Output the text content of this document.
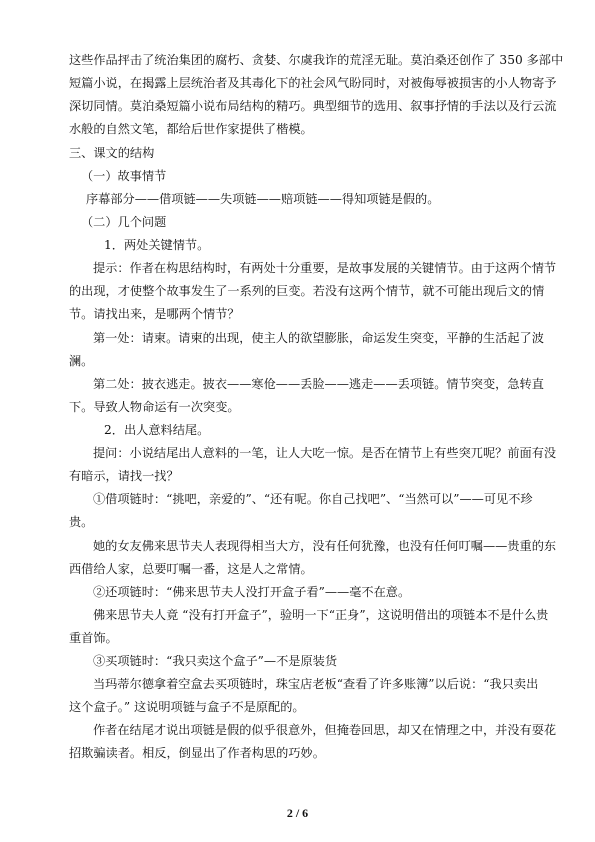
这些作品抨击了统治集团的腐朽、贪婪、尔虞我诈的荒淫无耻。莫泊桑还创作了 350 多部中
短篇小说，在揭露上层统治者及其毒化下的社会风气盼同时，对被侮辱被损害的小人物寄予
深切同情。莫泊桑短篇小说布局结构的精巧。典型细节的选用、叙事抒情的手法以及行云流
水般的自然文笔，都给后世作家提供了楷模。
三、课文的结构
（一）故事情节
序幕部分——借项链——失项链——赔项链——得知项链是假的。
（二）几个问题
1．两处关键情节。
提示：作者在构思结构时，有两处十分重要，是故事发展的关键情节。由于这两个情节
的出现，才使整个故事发生了一系列的巨变。若没有这两个情节，就不可能出现后文的情
节。请找出来，是哪两个情节？
第一处：请柬。请柬的出现，使主人的欲望膨胀，命运发生突变，平静的生活起了波
澜。
第二处：披衣逃走。披衣——寒伧——丢脸——逃走——丢项链。情节突变，急转直
下。导致人物命运有一次突变。
2．出人意料结尾。
提问：小说结尾出人意料的一笔，让人大吃一惊。是否在情节上有些突兀呢？前面有没
有暗示，请找一找？
①借项链时：“挑吧，亲爱的”、“还有呢。你自己找吧”、“当然可以”——可见不珍
贵。
她的女友佛来思节夫人表现得相当大方，没有任何犹豫，也没有任何叮嘱——贵重的东
西借给人家，总要叮嘱一番，这是人之常情。
②还项链时：“佛来思节夫人没打开盒子看”——毫不在意。
佛来思节夫人竟 “没有打开盒子”，验明一下“正身”，这说明借出的项链本不是什么贵
重首饰。
③买项链时：“我只卖这个盒子”—不是原装货
当玛蒂尔德拿着空盒去买项链时，珠宝店老板“查看了许多账簿”以后说：“我只卖出
这个盒子。” 这说明项链与盒子不是原配的。
作者在结尾才说出项链是假的似乎很意外，但掩卷回思，却又在情理之中，并没有耍花
招欺骗读者。相反，倒显出了作者构思的巧妙。
2 / 6
